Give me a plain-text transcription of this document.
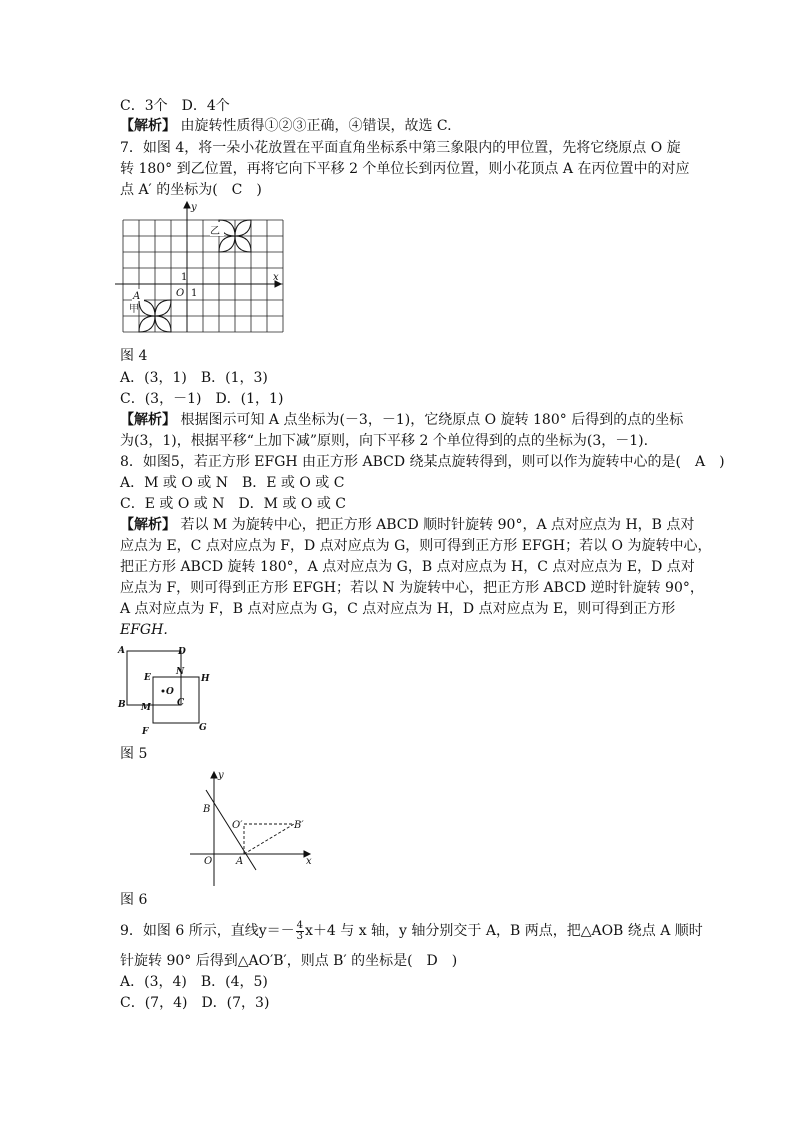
C．3个　D．4个
【解析】 由旋转性质得①②③正确，④错误，故选 C.
7．如图 4，将一朵小花放置在平面直角坐标系中第三象限内的甲位置，先将它绕原点 O 旋
转 180° 到乙位置，再将它向下平移 2 个单位长到丙位置，则小花顶点 A 在丙位置中的对应
点 A′ 的坐标为(　C　)
y
x
O 1
1
A
甲
乙
图 4
A．(3，1)　B．(1，3)
C．(3，－1)　D．(1，1)
【解析】 根据图示可知 A 点坐标为(－3，－1)，它绕原点 O 旋转 180° 后得到的点的坐标
为(3，1)，根据平移“上加下减”原则，向下平移 2 个单位得到的点的坐标为(3，－1).
8．如图5，若正方形 EFGH 由正方形 ABCD 绕某点旋转得到，则可以作为旋转中心的是(　A　)
A．M 或 O 或 N　B．E 或 O 或 C
C．E 或 O 或 N　D．M 或 O 或 C
【解析】 若以 M 为旋转中心，把正方形 ABCD 顺时针旋转 90°，A 点对应点为 H，B 点对
应点为 E，C 点对应点为 F，D 点对应点为 G，则可得到正方形 EFGH；若以 O 为旋转中心，
把正方形 ABCD 旋转 180°，A 点对应点为 G，B 点对应点为 H，C 点对应点为 E，D 点对
应点为 F，则可得到正方形 EFGH；若以 N 为旋转中心，把正方形 ABCD 逆时针旋转 90°，
A 点对应点为 F，B 点对应点为 G，C 点对应点为 H，D 点对应点为 E，则可得到正方形
EFGH.
A
B	C
D
E
F	G
H
M
N
O
图 5
y
x
O A
B
O′	B′
图 6
9．如图 6 所示，直线$y=- \frac{4}{3} x+4$ 与 x 轴，y 轴分别交于 A，B 两点，把△AOB 绕点 A 顺时
针旋转 90° 后得到△AO′B′，则点 B′ 的坐标是(　D　)
A．(3，4)　B．(4，5)
C．(7，4)　D．(7，3)
